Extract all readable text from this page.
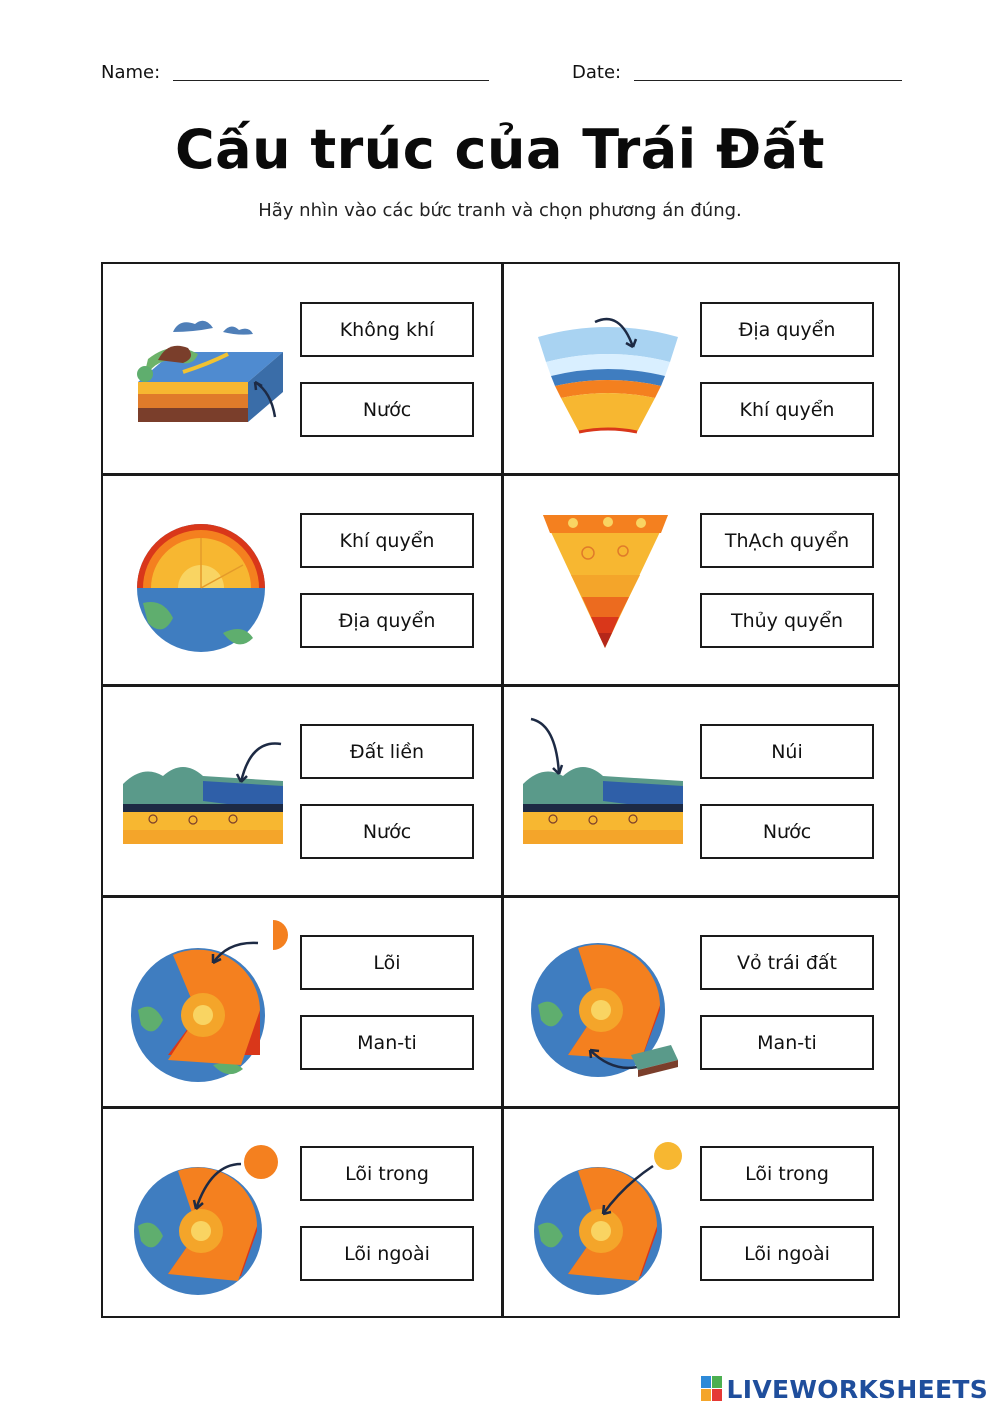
Name:	Date:
Cấu trúc của Trái Đất
Hãy nhìn vào các bức tranh và chọn phương án đúng.
Không khí
Nước
Địa quyển
Khí quyển
Khí quyển
Địa quyển
ThẠch quyển
Thủy quyển
Đất liền
Nước
Núi
Nước
Lõi
Man-ti
Vỏ trái đất
Man-ti
Lõi trong
Lõi ngoài
Lõi trong
Lõi ngoài
LIVEWORKSHEETS
